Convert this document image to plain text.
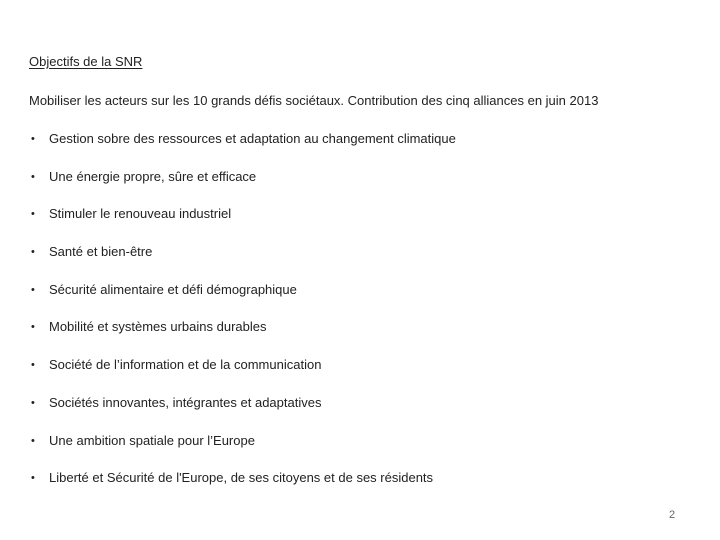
Objectifs de la SNR
Mobiliser les acteurs sur les 10 grands défis sociétaux. Contribution des cinq alliances en juin 2013
•	Gestion sobre des ressources et adaptation au changement climatique
•	Une énergie propre, sûre et efficace
•	Stimuler le renouveau industriel
•	Santé et bien-être
•	Sécurité alimentaire et défi démographique
•	Mobilité et systèmes urbains durables
•	Société de l’information et de la communication
•	Sociétés innovantes, intégrantes et adaptatives
•	Une ambition spatiale pour l’Europe
•	Liberté et Sécurité de l'Europe, de ses citoyens et de ses résidents
2
